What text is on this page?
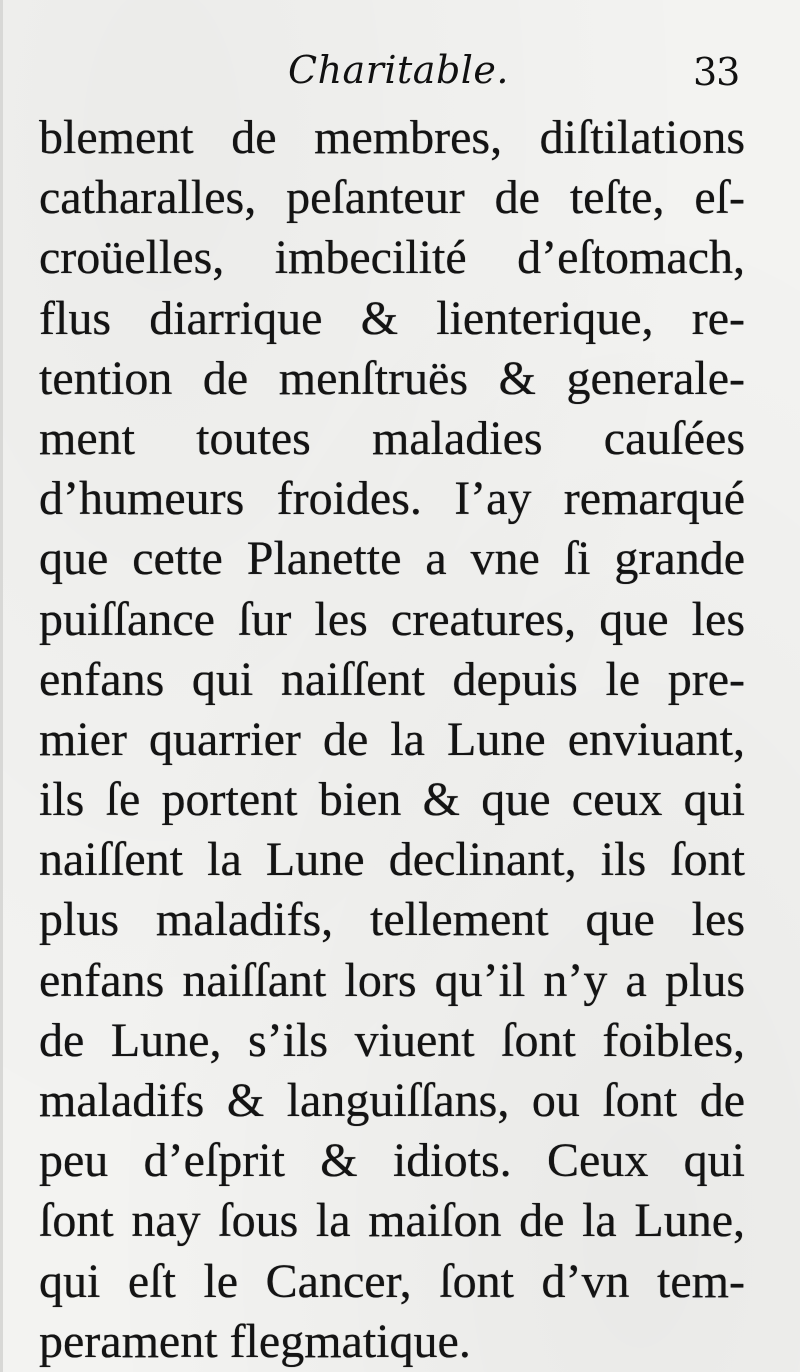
Charitable.	33
blement de membres, diſtilations
catharalles, peſanteur de teſte, eſ-
croüelles, imbecilité d’eſtomach,
flus diarrique & lienterique, re-
tention de menſtruës & generale-
ment toutes maladies cauſées
d’humeurs froides. I’ay remarqué
que cette Planette a vne ſi grande
puiſſance ſur les creatures, que les
enfans qui naiſſent depuis le pre-
mier quarrier de la Lune enviuant,
ils ſe portent bien & que ceux qui
naiſſent la Lune declinant, ils ſont
plus maladifs, tellement que les
enfans naiſſant lors qu’il n’y a plus
de Lune, s’ils viuent ſont foibles,
maladifs & languiſſans, ou ſont de
peu d’eſprit & idiots. Ceux qui
ſont nay ſous la maiſon de la Lune,
qui eſt le Cancer, ſont d’vn tem-
perament flegmatique.
